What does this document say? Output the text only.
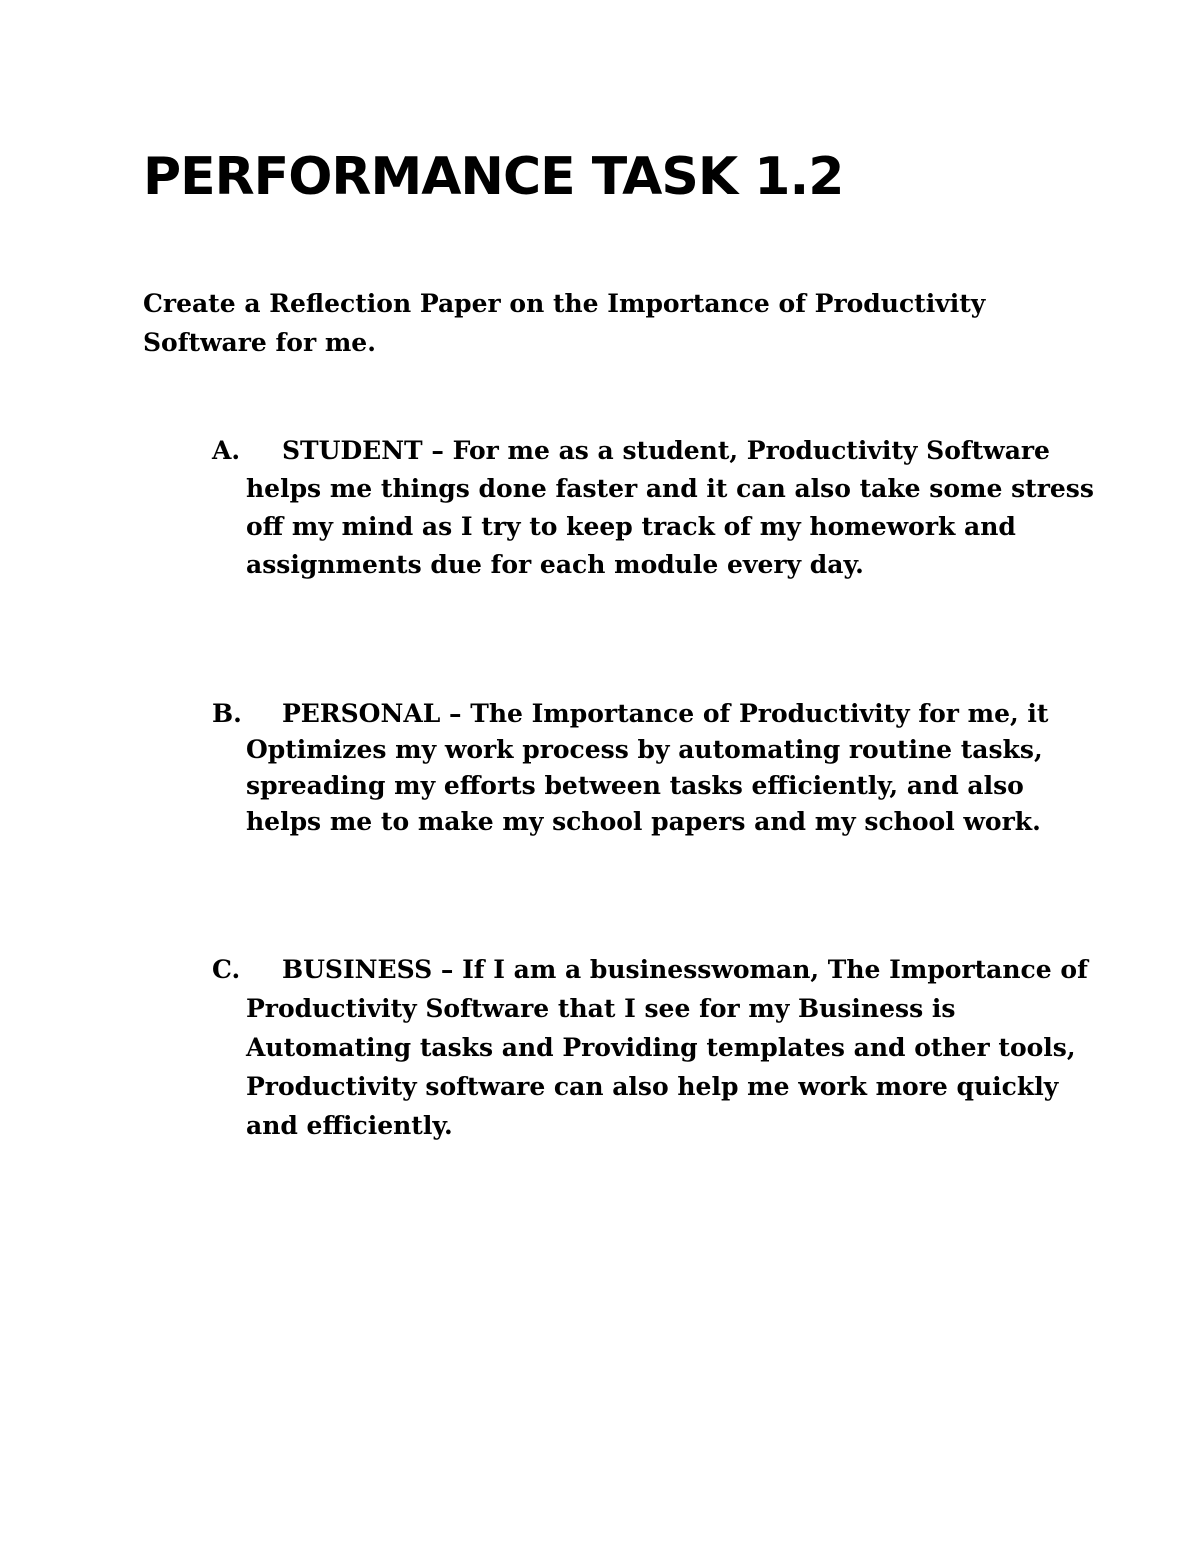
PERFORMANCE TASK 1.2

Create a Reflection Paper on the Importance of Productivity Software for me.

A. STUDENT – For me as a student, Productivity Software helps me things done faster and it can also take some stress off my mind as I try to keep track of my homework and assignments due for each module every day.

B. PERSONAL – The Importance of Productivity for me, it Optimizes my work process by automating routine tasks, spreading my efforts between tasks efficiently, and also helps me to make my school papers and my school work.

C. BUSINESS – If I am a businesswoman, The Importance of Productivity Software that I see for my Business is Automating tasks and Providing templates and other tools, Productivity software can also help me work more quickly and efficiently.
